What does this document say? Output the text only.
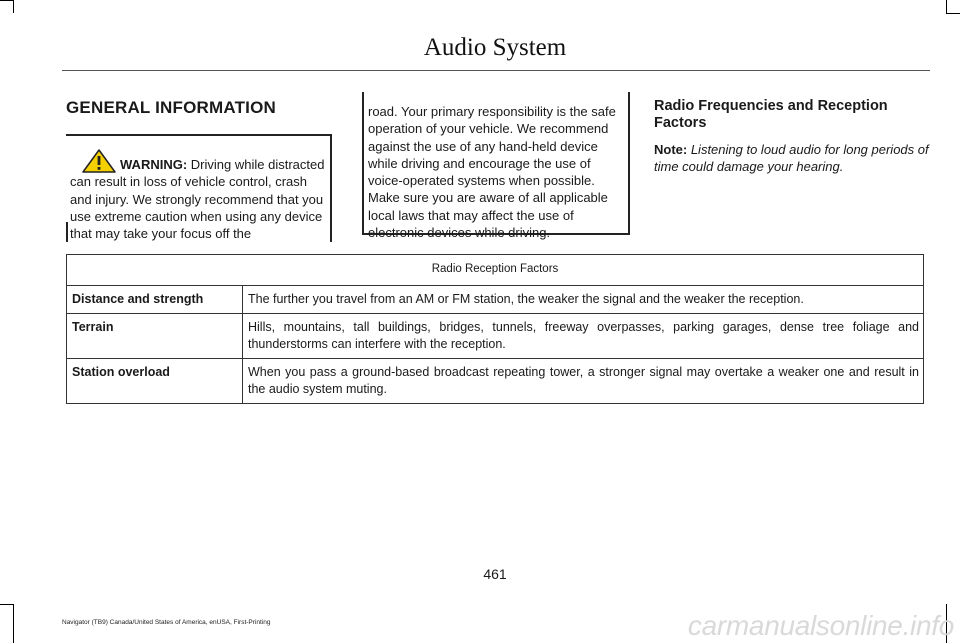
Audio System
GENERAL INFORMATION
WARNING: Driving while distracted can result in loss of vehicle control, crash and injury. We strongly recommend that you use extreme caution when using any device that may take your focus off the
road. Your primary responsibility is the safe operation of your vehicle. We recommend against the use of any hand-held device while driving and encourage the use of voice-operated systems when possible. Make sure you are aware of all applicable local laws that may affect the use of electronic devices while driving.
Radio Frequencies and Reception Factors
Note: Listening to loud audio for long periods of time could damage your hearing.
Radio Reception Factors	
Distance and strength	The further you travel from an AM or FM station, the weaker the signal and the weaker the reception.
Terrain	Hills, mountains, tall buildings, bridges, tunnels, freeway overpasses, parking garages, dense tree foliage and thunderstorms can interfere with the reception.
Station overload	When you pass a ground-based broadcast repeating tower, a stronger signal may overtake a weaker one and result in the audio system muting.
461
Navigator (TB9) Canada/United States of America, enUSA, First-Printing	carmanualsonline.info
